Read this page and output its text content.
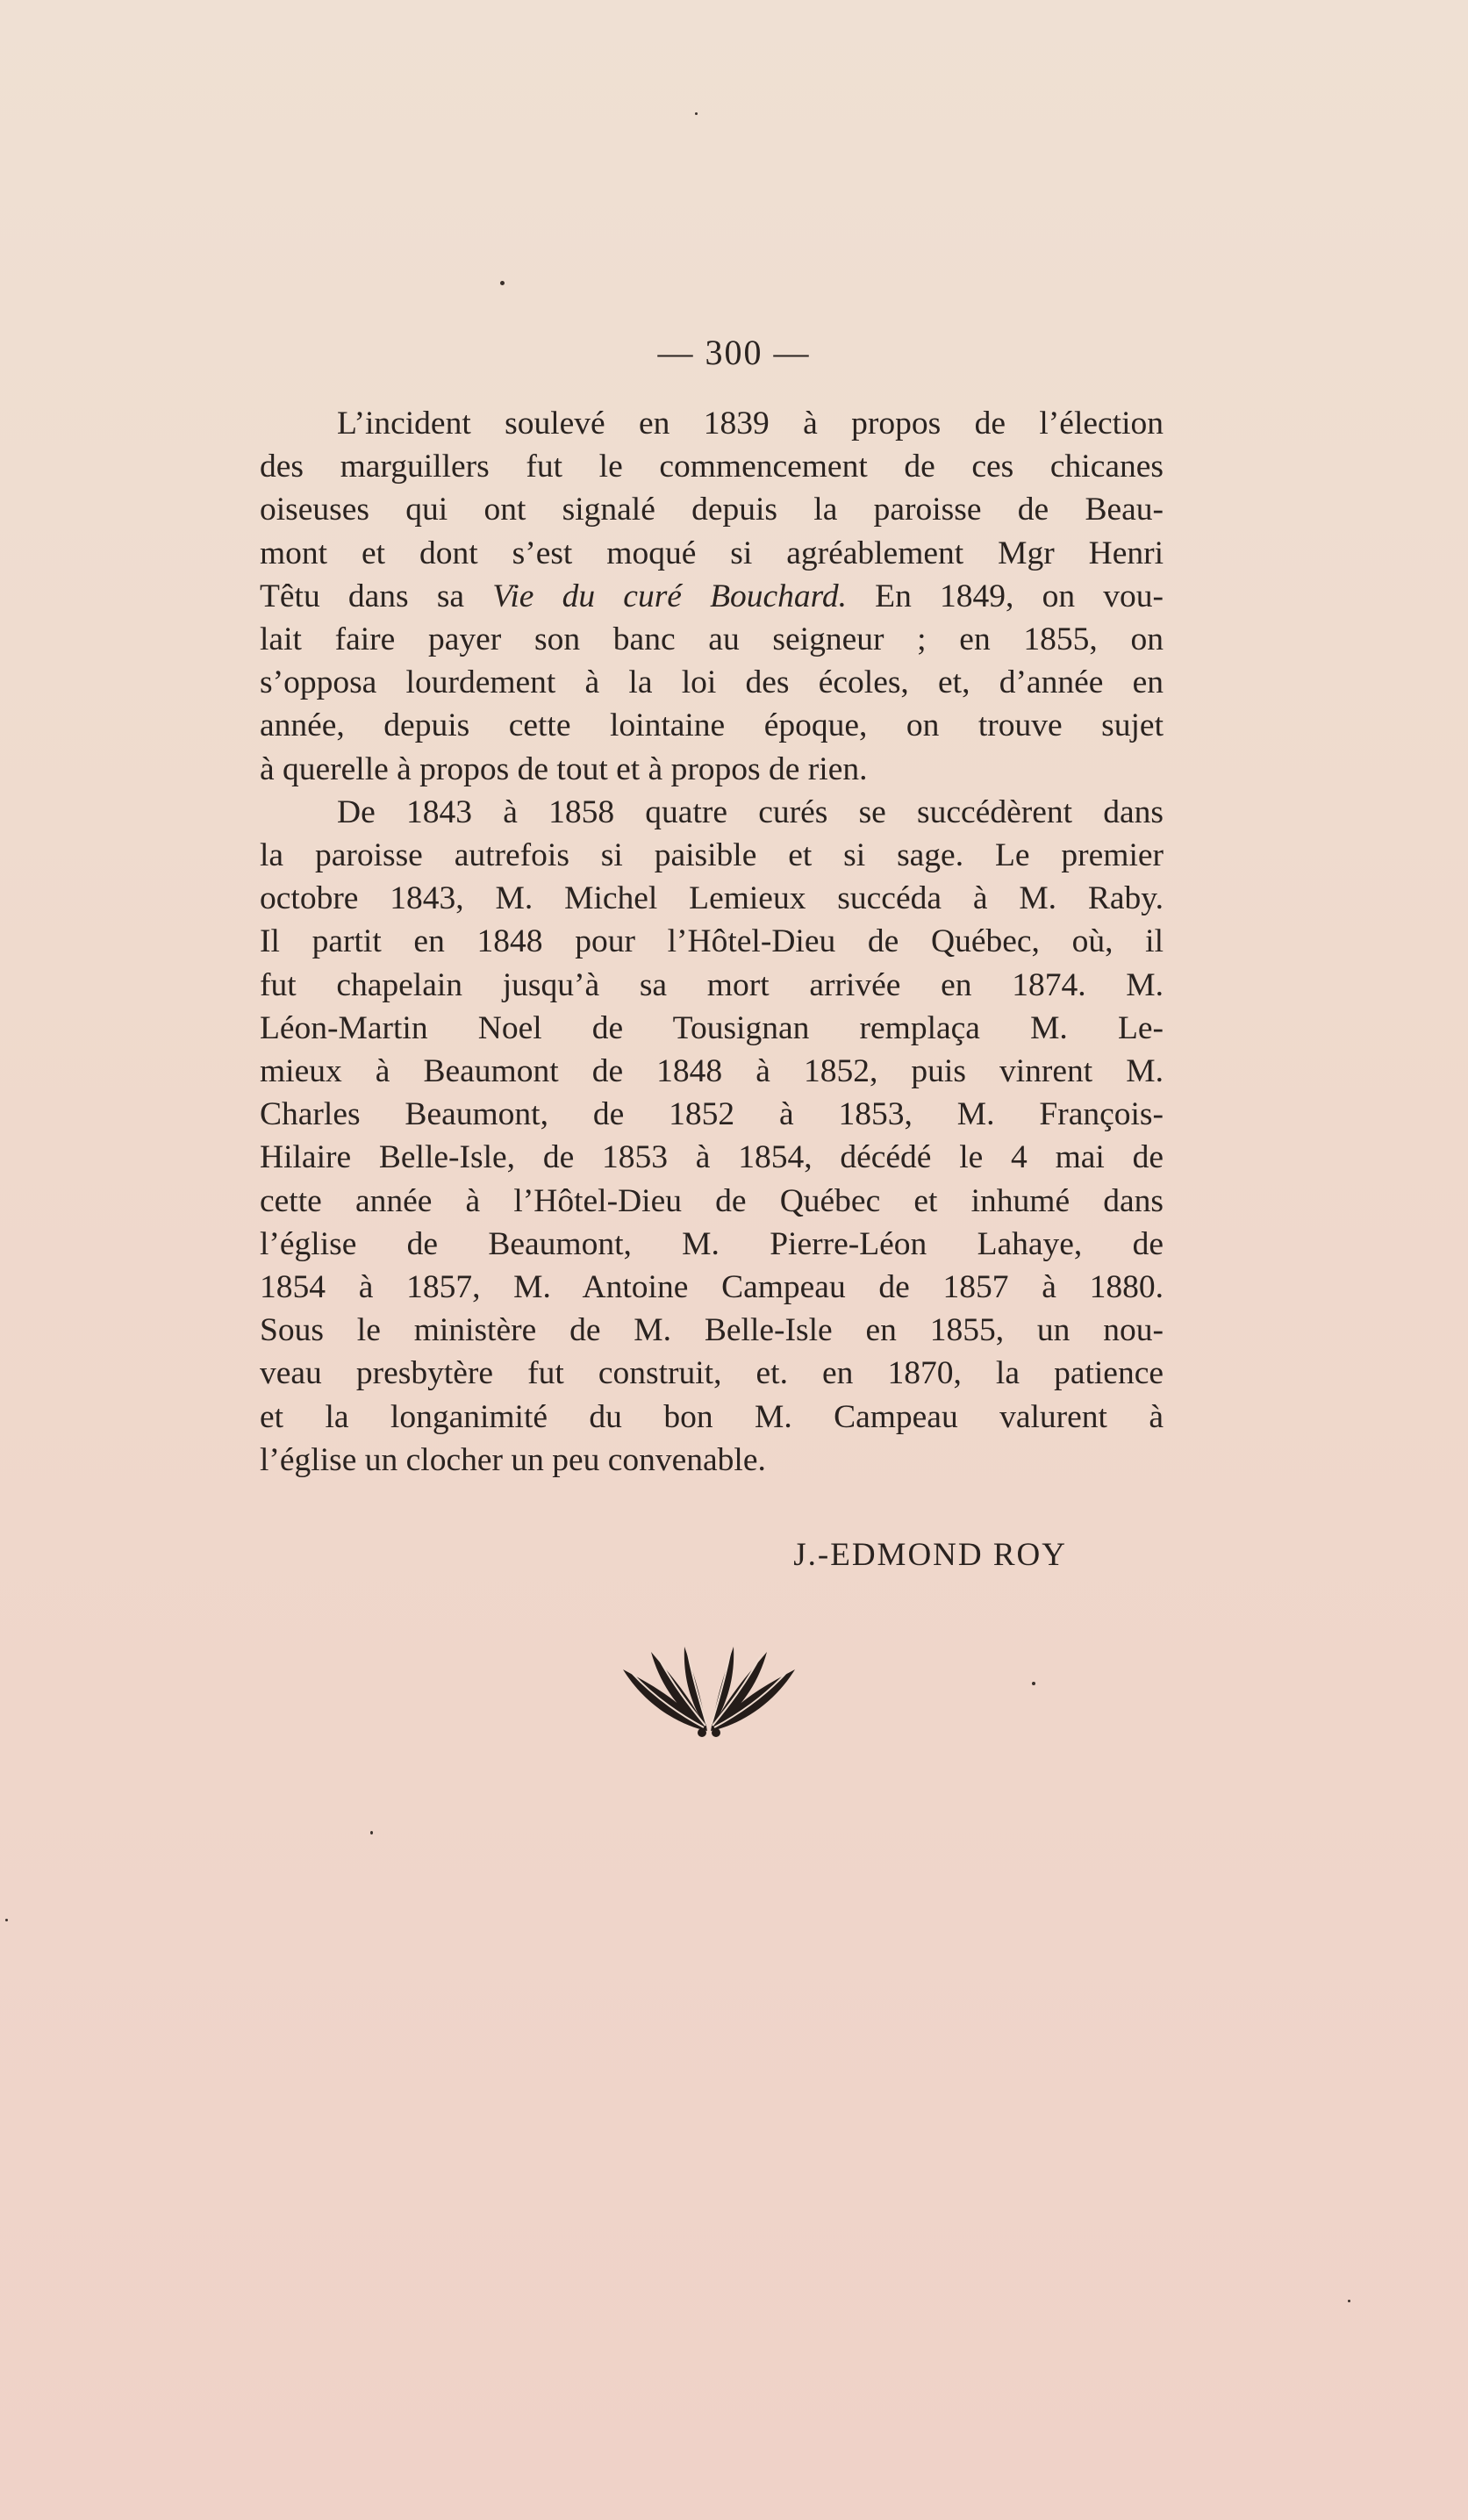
— 300 —

L’incident soulevé en 1839 à propos de l’élection
des marguillers fut le commencement de ces chicanes
oiseuses qui ont signalé depuis la paroisse de Beau-
mont et dont s’est moqué si agréablement Mgr Henri
Têtu dans sa Vie du curé Bouchard. En 1849, on vou-
lait faire payer son banc au seigneur ; en 1855, on
s’opposa lourdement à la loi des écoles, et, d’année en
année, depuis cette lointaine époque, on trouve sujet
à querelle à propos de tout et à propos de rien.

De 1843 à 1858 quatre curés se succédèrent dans
la paroisse autrefois si paisible et si sage. Le premier
octobre 1843, M. Michel Lemieux succéda à M. Raby.
Il partit en 1848 pour l’Hôtel-Dieu de Québec, où, il
fut chapelain jusqu’à sa mort arrivée en 1874. M.
Léon-Martin Noel de Tousignan remplaça M. Le-
mieux à Beaumont de 1848 à 1852, puis vinrent M.
Charles Beaumont, de 1852 à 1853, M. François-
Hilaire Belle-Isle, de 1853 à 1854, décédé le 4 mai de
cette année à l’Hôtel-Dieu de Québec et inhumé dans
l’église de Beaumont, M. Pierre-Léon Lahaye, de
1854 à 1857, M. Antoine Campeau de 1857 à 1880.
Sous le ministère de M. Belle-Isle en 1855, un nou-
veau presbytère fut construit, et. en 1870, la patience
et la longanimité du bon M. Campeau valurent à
l’église un clocher un peu convenable.

J.-EDMOND ROY
